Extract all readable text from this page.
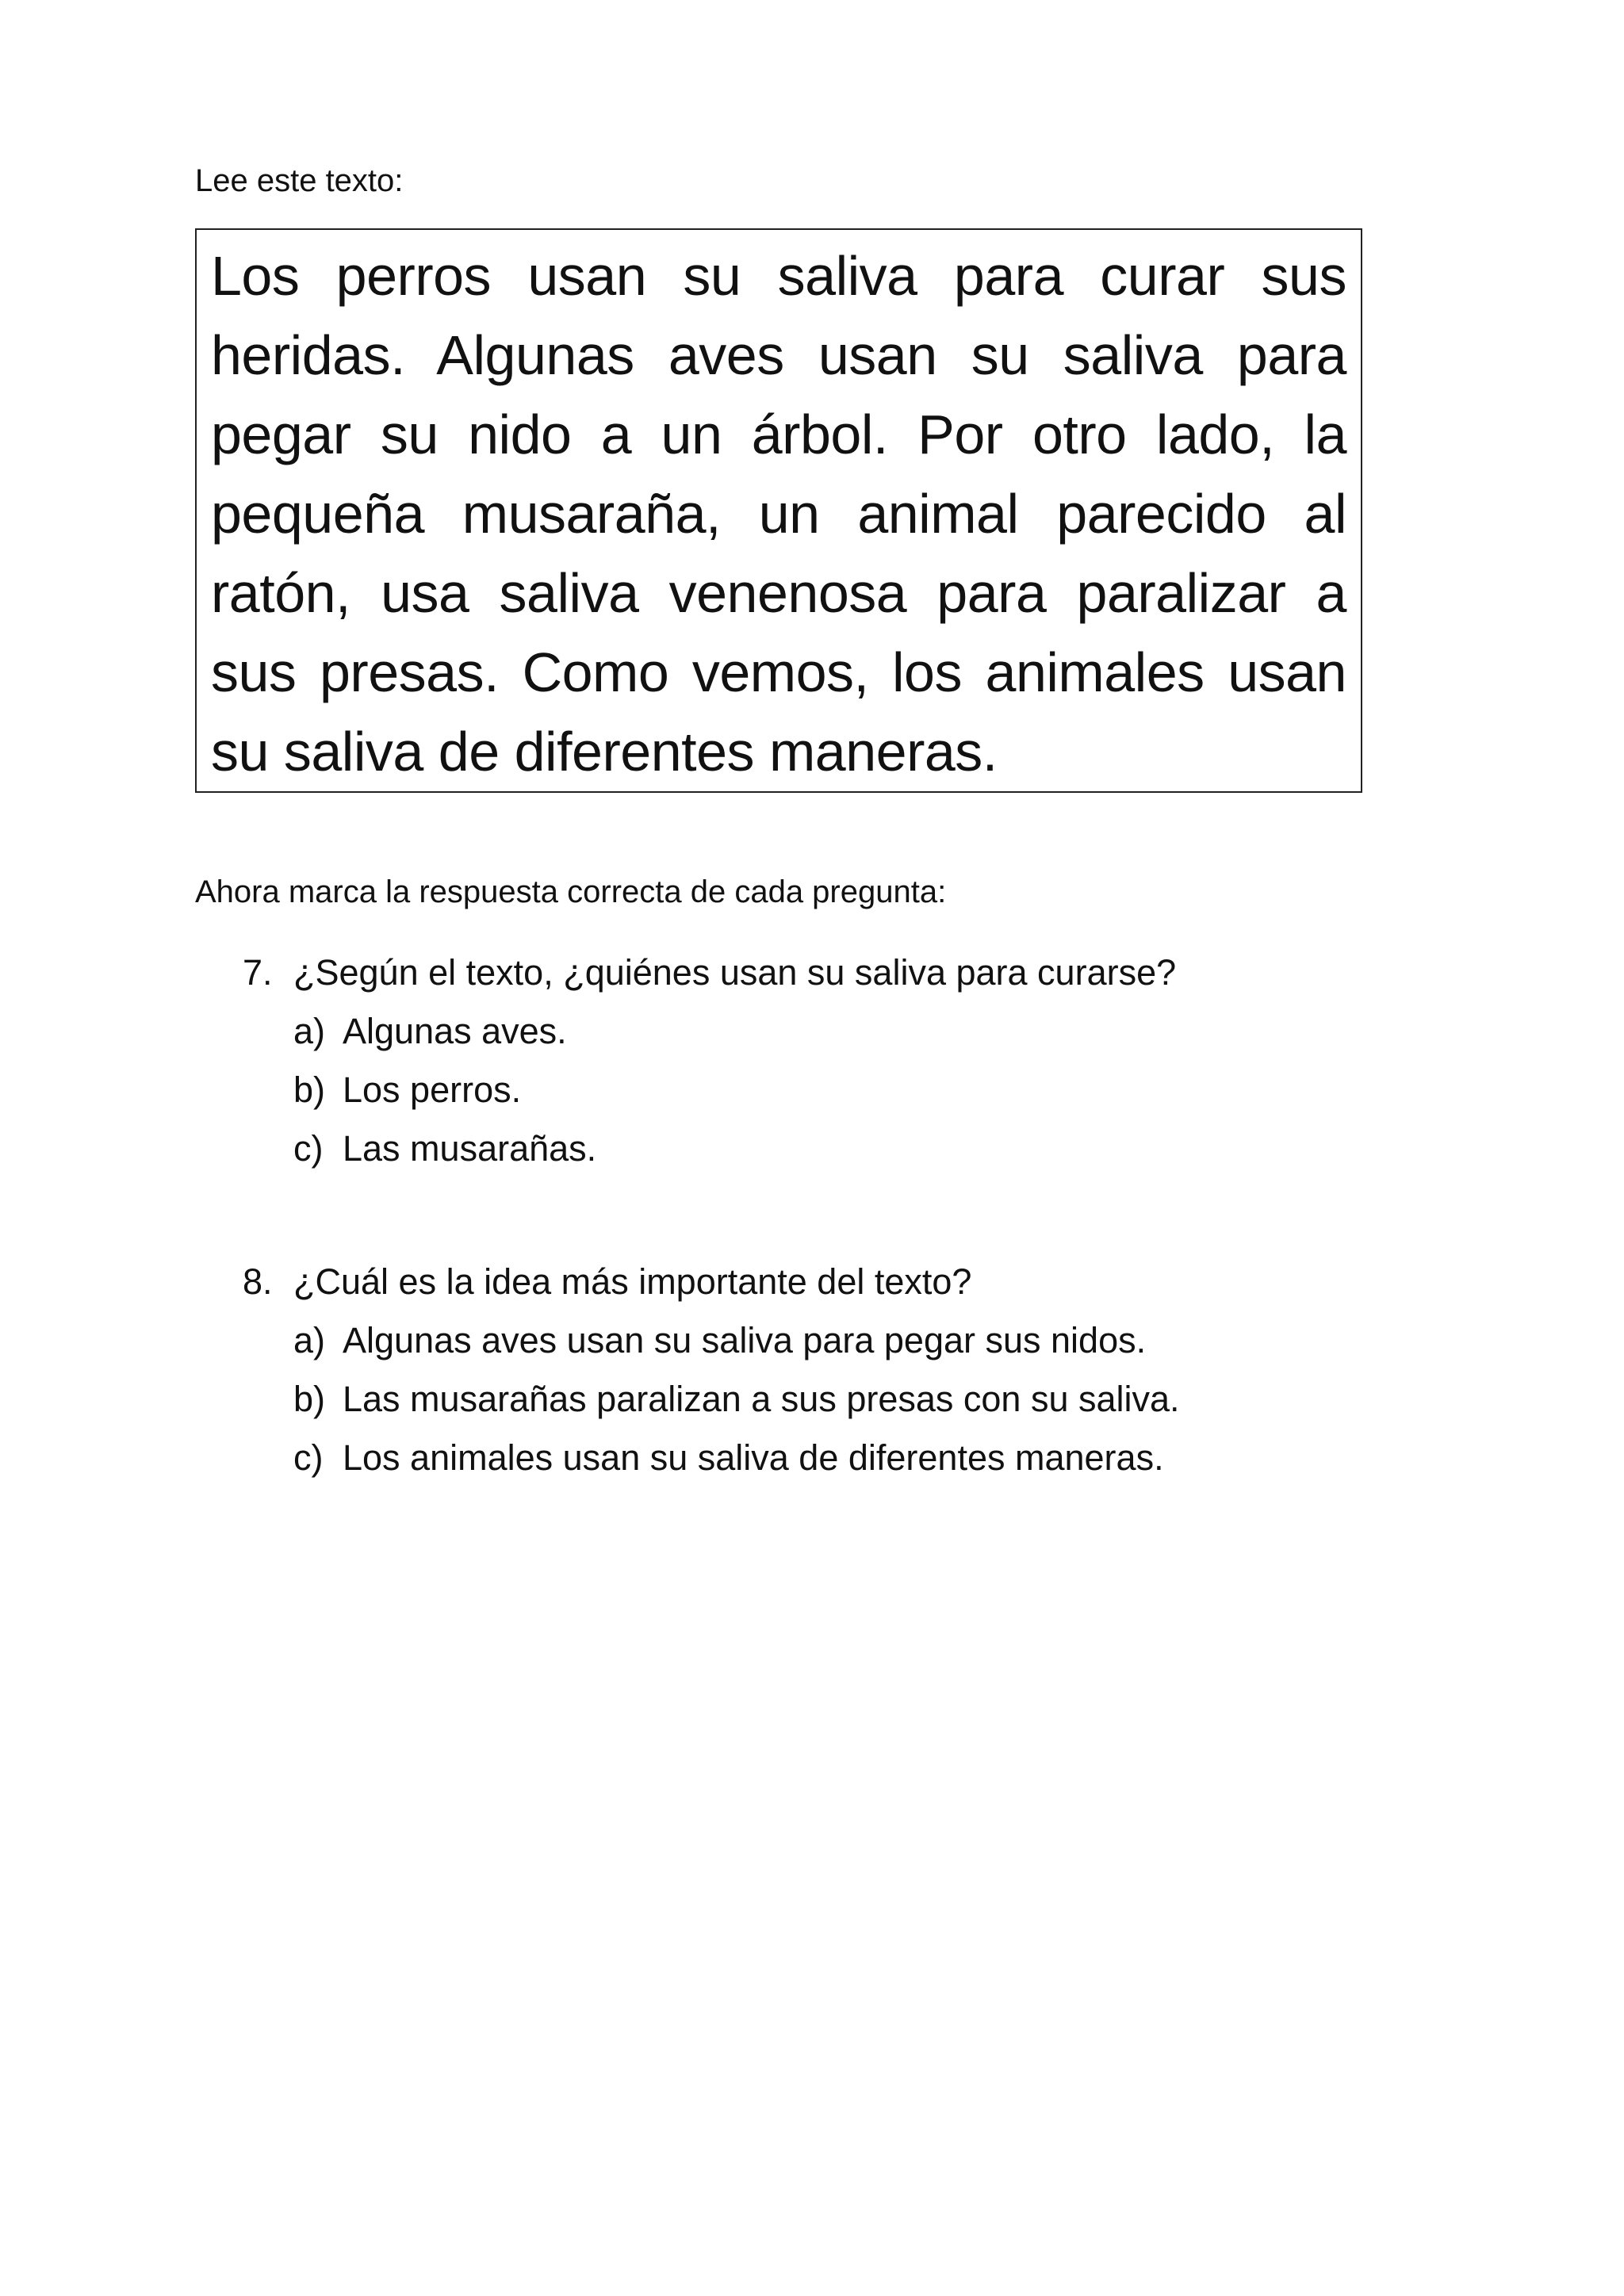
Lee este texto:

Los perros usan su saliva para curar sus heridas. Algunas aves usan su saliva para pegar su nido a un árbol. Por otro lado, la pequeña musaraña, un animal parecido al ratón, usa saliva venenosa para paralizar a sus presas. Como vemos, los animales usan su saliva de diferentes maneras.

Ahora marca la respuesta correcta de cada pregunta:

7. ¿Según el texto, ¿quiénes usan su saliva para curarse?
a) Algunas aves.
b) Los perros.
c) Las musarañas.
8. ¿Cuál es la idea más importante del texto?
a) Algunas aves usan su saliva para pegar sus nidos.
b) Las musarañas paralizan a sus presas con su saliva.
c) Los animales usan su saliva de diferentes maneras.
